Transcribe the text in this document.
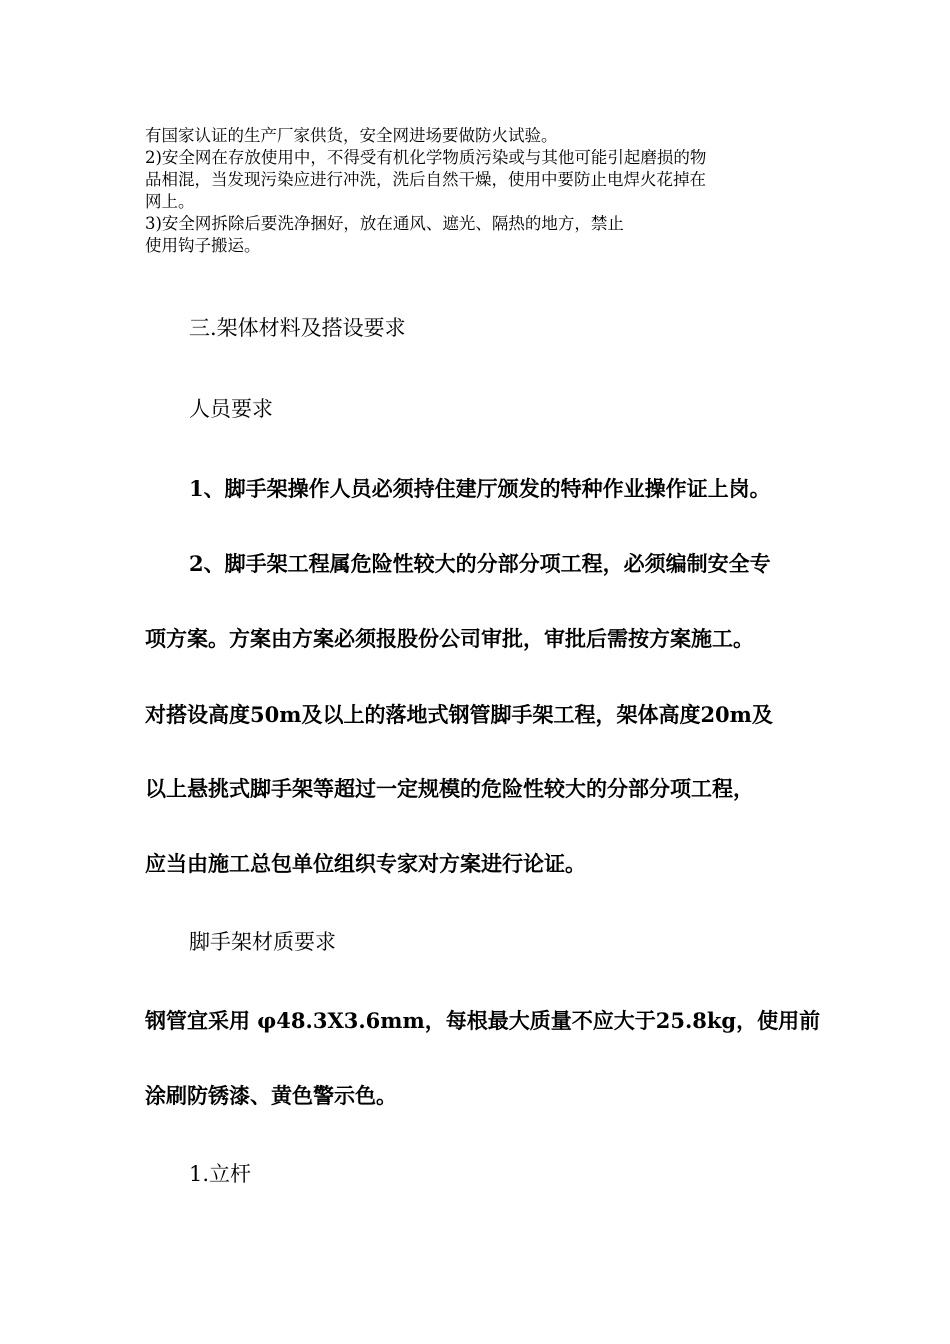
有国家认证的生产厂家供货，安全网进场要做防火试验。

2)安全网在存放使用中，不得受有机化学物质污染或与其他可能引起磨损的物

品相混，当发现污染应进行冲洗，洗后自然干燥，使用中要防止电焊火花掉在

网上。

3)安全网拆除后要洗净捆好，放在通风、遮光、隔热的地方，禁止

使用钩子搬运。

三.架体材料及搭设要求

人员要求

1、脚手架操作人员必须持住建厅颁发的特种作业操作证上岗。

2、脚手架工程属危险性较大的分部分项工程，必须编制安全专

项方案。方案由方案必须报股份公司审批，审批后需按方案施工。

对搭设高度50m及以上的落地式钢管脚手架工程，架体高度20m及

以上悬挑式脚手架等超过一定规模的危险性较大的分部分项工程，

应当由施工总包单位组织专家对方案进行论证。

脚手架材质要求

钢管宜采用 φ48.3X3.6mm，每根最大质量不应大于25.8kg，使用前

涂刷防锈漆、黄色警示色。

1.立杆
